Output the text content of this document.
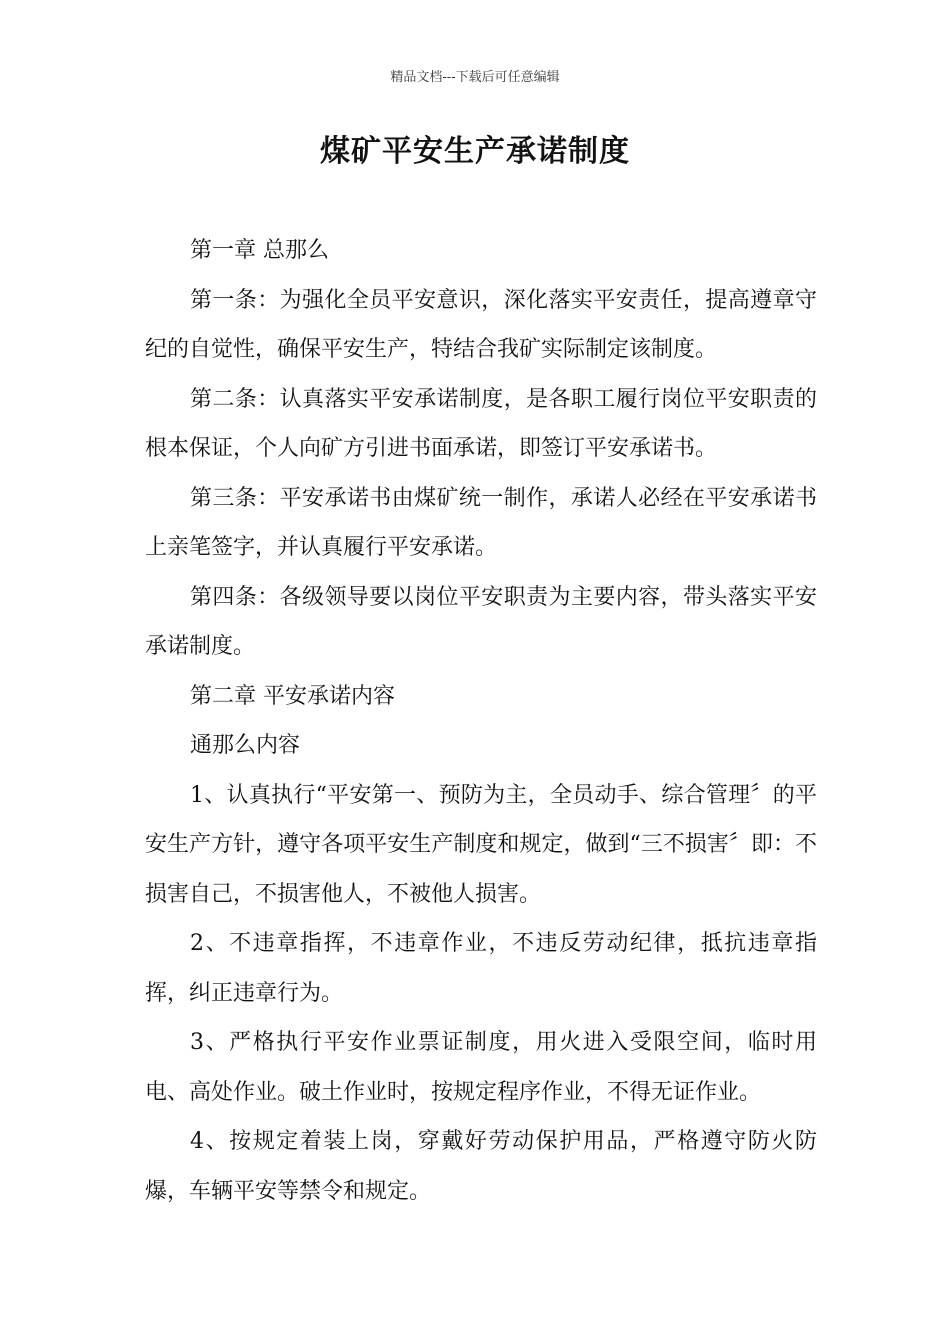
精品文档---下载后可任意编辑
煤矿平安生产承诺制度

第一章 总那么

第一条：为强化全员平安意识，深化落实平安责任，提高遵章守纪的自觉性，确保平安生产，特结合我矿实际制定该制度。

第二条：认真落实平安承诺制度，是各职工履行岗位平安职责的根本保证，个人向矿方引进书面承诺，即签订平安承诺书。

第三条：平安承诺书由煤矿统一制作，承诺人必经在平安承诺书上亲笔签字，并认真履行平安承诺。

第四条：各级领导要以岗位平安职责为主要内容，带头落实平安承诺制度。

第二章 平安承诺内容

通那么内容

1、认真执行“平安第一、预防为主，全员动手、综合管理〞的平安生产方针，遵守各项平安生产制度和规定，做到“三不损害〞即：不损害自己，不损害他人，不被他人损害。

2、不违章指挥，不违章作业，不违反劳动纪律，抵抗违章指挥，纠正违章行为。

3、严格执行平安作业票证制度，用火进入受限空间，临时用电、高处作业。破土作业时，按规定程序作业，不得无证作业。

4、按规定着装上岗，穿戴好劳动保护用品，严格遵守防火防爆，车辆平安等禁令和规定。
